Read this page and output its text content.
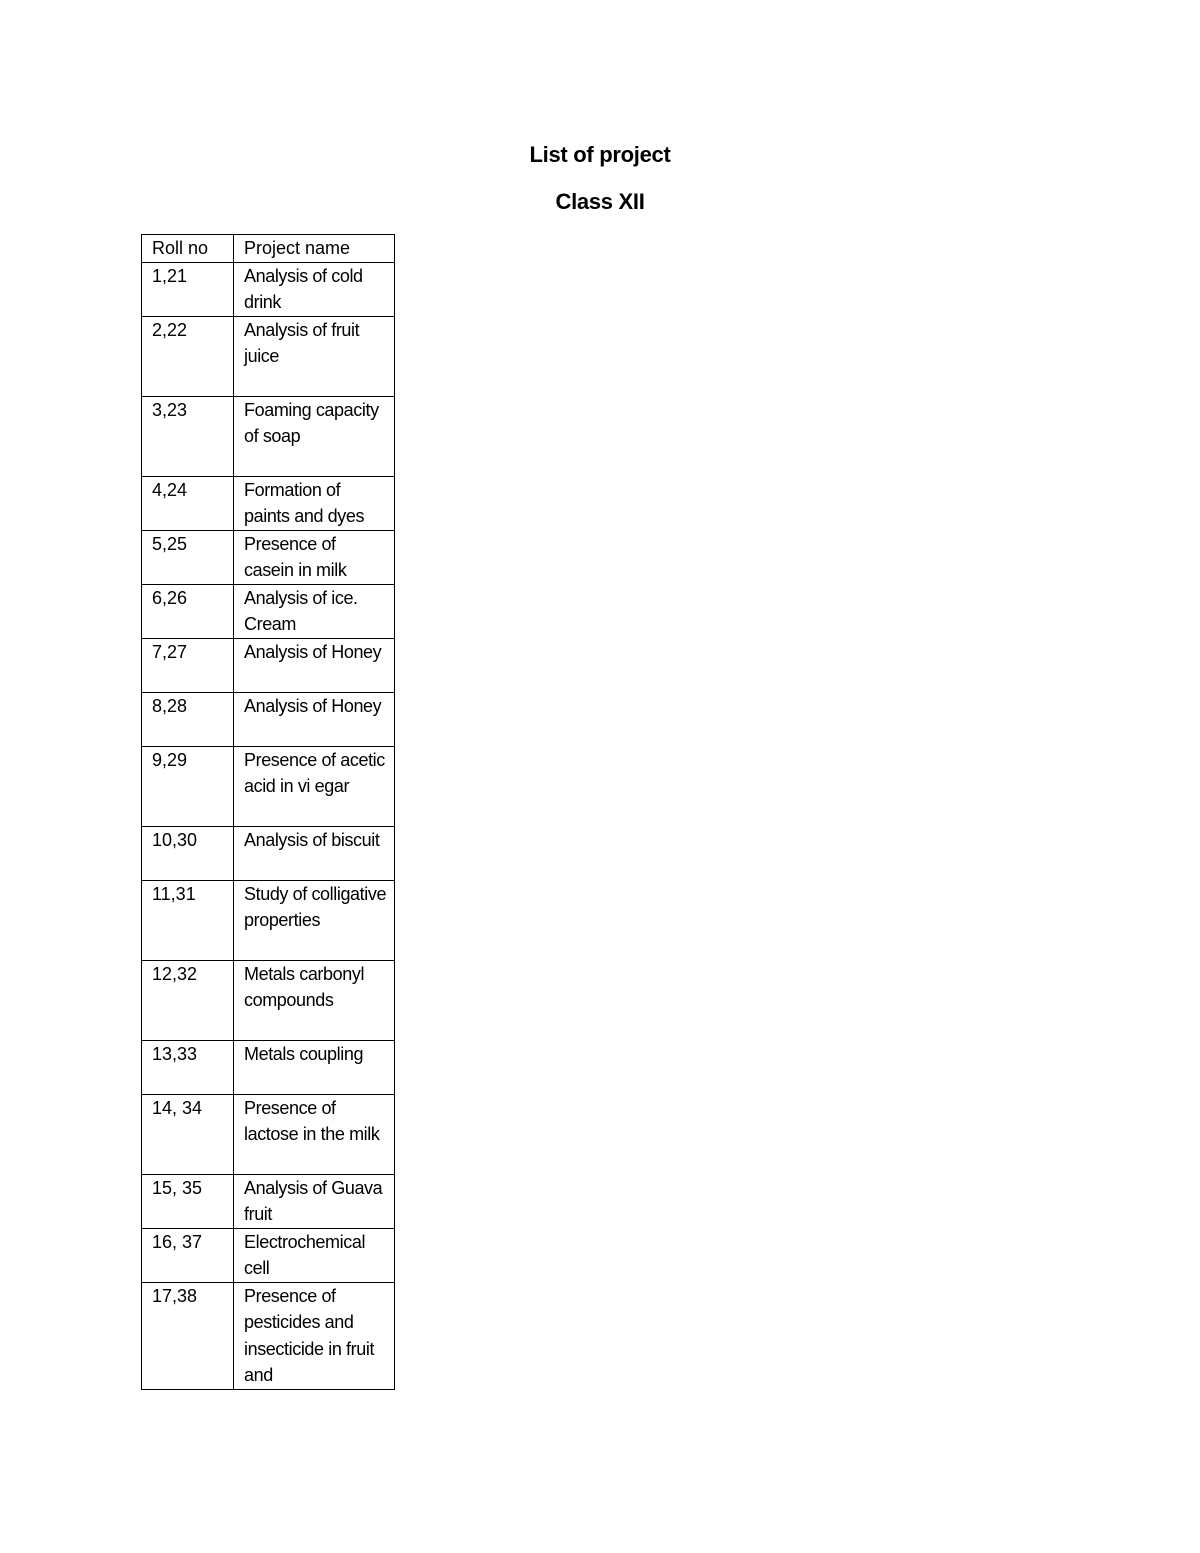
List of project
Class XII
Roll no	Project name
1,21	Analysis of cold drink
2,22	Analysis of fruit juice
3,23	Foaming capacity of soap
4,24	Formation of paints and dyes
5,25	Presence of casein in milk
6,26	Analysis of ice. Cream
7,27	Analysis of Honey
8,28	Analysis of Honey
9,29	Presence of acetic acid in vi egar
10,30	Analysis of biscuit
11,31	Study of colligative properties
12,32	Metals carbonyl compounds
13,33	Metals coupling
14, 34	Presence of lactose in the milk
15, 35	Analysis of Guava fruit
16, 37	Electrochemical cell
17,38	Presence of pesticides and insecticide in fruit and
